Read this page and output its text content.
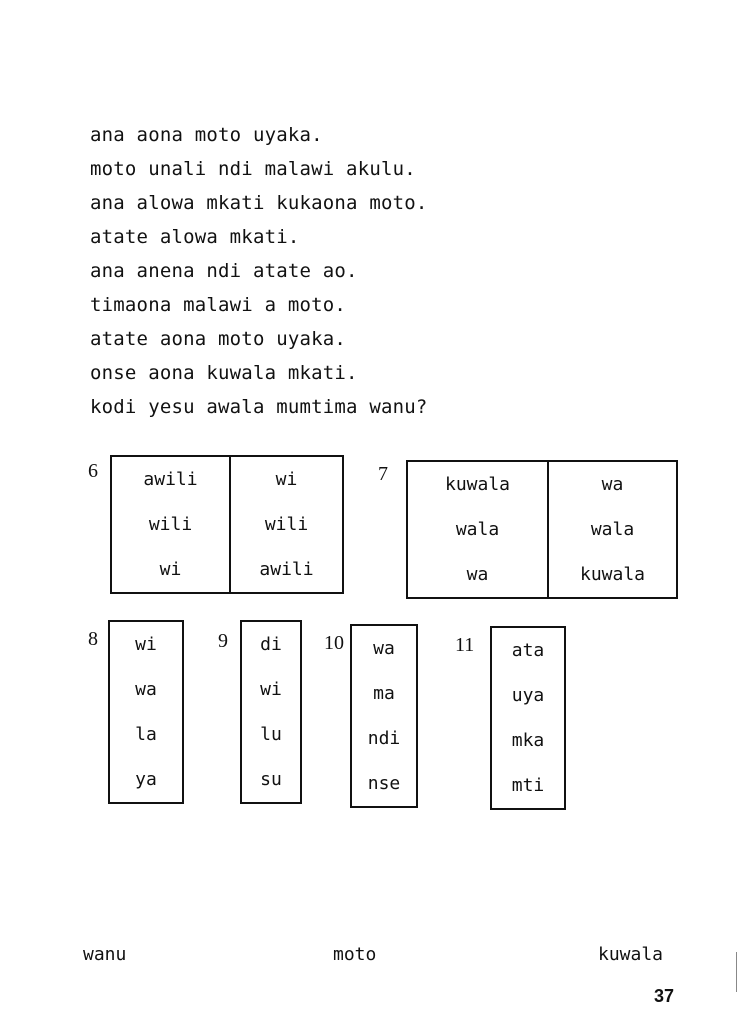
ana aona moto uyaka.
moto unali ndi malawi akulu.
ana alowa mkati kukaona moto.
atate alowa mkati.
ana anena ndi atate ao.
timaona malawi a moto.
atate aona moto uyaka.
onse aona kuwala mkati.
kodi yesu awala mumtima wanu?
6	awili	wi
wili	wili
wi	awili
7	kuwala	wa
wala	wala
wa	kuwala
8 wi
wa
la
ya
9 di
wi
lu
su
10 wa
ma
ndi
nse
11 ata
uya
mka
mti
wanu	moto	kuwala
37
